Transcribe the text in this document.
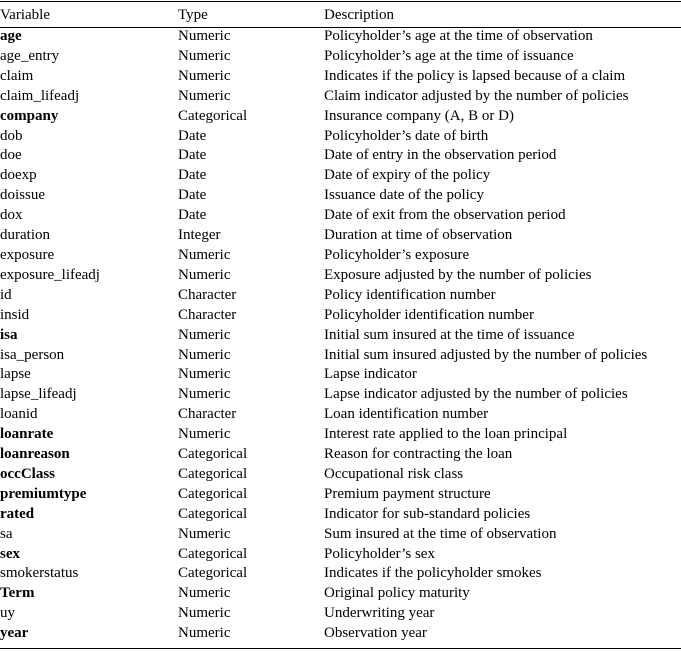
Variable	Type	Description
age	Numeric	Policyholder’s age at the time of observation
age_entry	Numeric	Policyholder’s age at the time of issuance
claim	Numeric	Indicates if the policy is lapsed because of a claim
claim_lifeadj	Numeric	Claim indicator adjusted by the number of policies
company	Categorical	Insurance company (A, B or D)
dob	Date	Policyholder’s date of birth
doe	Date	Date of entry in the observation period
doexp	Date	Date of expiry of the policy
doissue	Date	Issuance date of the policy
dox	Date	Date of exit from the observation period
duration	Integer	Duration at time of observation
exposure	Numeric	Policyholder’s exposure
exposure_lifeadj	Numeric	Exposure adjusted by the number of policies
id	Character	Policy identification number
insid	Character	Policyholder identification number
isa	Numeric	Initial sum insured at the time of issuance
isa_person	Numeric	Initial sum insured adjusted by the number of policies
lapse	Numeric	Lapse indicator
lapse_lifeadj	Numeric	Lapse indicator adjusted by the number of policies
loanid	Character	Loan identification number
loanrate	Numeric	Interest rate applied to the loan principal
loanreason	Categorical	Reason for contracting the loan
occClass	Categorical	Occupational risk class
premiumtype	Categorical	Premium payment structure
rated	Categorical	Indicator for sub-standard policies
sa	Numeric	Sum insured at the time of observation
sex	Categorical	Policyholder’s sex
smokerstatus	Categorical	Indicates if the policyholder smokes
Term	Numeric	Original policy maturity
uy	Numeric	Underwriting year
year	Numeric	Observation year
